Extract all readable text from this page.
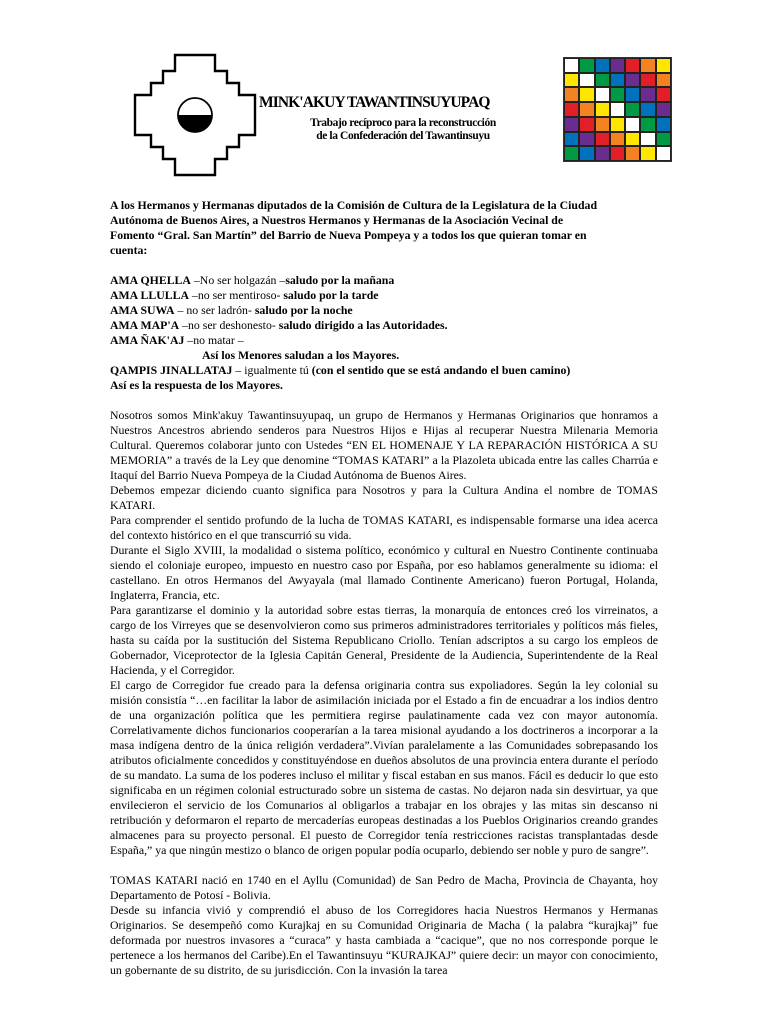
MINK'AKUY TAWANTINSUYUPAQ
Trabajo recíproco para la reconstrucción
de la Confederación del Tawantinsuyu
A los Hermanos y Hermanas diputados de la Comisión de Cultura de la Legislatura de la Ciudad
Autónoma de Buenos Aires, a Nuestros Hermanos y Hermanas de la Asociación Vecinal de
Fomento “Gral. San Martín” del Barrio de Nueva Pompeya y a todos los que quieran tomar en
cuenta:
AMA QHELLA –No ser holgazán –saludo por la mañana
AMA LLULLA –no ser mentiroso- saludo por la tarde
AMA SUWA – no ser ladrón- saludo por la noche
AMA MAP'A –no ser deshonesto- saludo dirigido a las Autoridades.
AMA ÑAK'AJ –no matar –
Así los Menores saludan a los Mayores.
QAMPIS JINALLATAJ – igualmente tú (con el sentido que se está andando el buen camino)
Así es la respuesta de los Mayores.

Nosotros somos Mink'akuy Tawantinsuyupaq, un grupo de Hermanos y Hermanas Originarios que honramos a Nuestros Ancestros abriendo senderos para Nuestros Hijos e Hijas al recuperar Nuestra Milenaria Memoria Cultural. Queremos colaborar junto con Ustedes “EN EL HOMENAJE Y LA REPARACIÓN HISTÓRICA A SU MEMORIA” a través de la Ley que denomine “TOMAS KATARI” a la Plazoleta ubicada entre las calles Charrúa e Itaquí del Barrio Nueva Pompeya de la Ciudad Autónoma de Buenos Aires.

Debemos empezar diciendo cuanto significa para Nosotros y para la Cultura Andina el nombre de TOMAS KATARI.

Para comprender el sentido profundo de la lucha de TOMAS KATARI, es indispensable formarse una idea acerca del contexto histórico en el que transcurrió su vida.

Durante el Siglo XVIII, la modalidad o sistema político, económico y cultural en Nuestro Continente continuaba siendo el coloniaje europeo, impuesto en nuestro caso por España, por eso hablamos generalmente su idioma: el castellano. En otros Hermanos del Awyayala (mal llamado Continente Americano) fueron Portugal, Holanda, Inglaterra, Francia, etc.

Para garantizarse el dominio y la autoridad sobre estas tierras, la monarquía de entonces creó los virreinatos, a cargo de los Virreyes que se desenvolvieron como sus primeros administradores territoriales y políticos más fieles, hasta su caída por la sustitución del Sistema Republicano Criollo. Tenían adscriptos a su cargo los empleos de Gobernador, Viceprotector de la Iglesia Capitán General, Presidente de la Audiencia, Superintendente de la Real Hacienda, y el Corregidor.

El cargo de Corregidor fue creado para la defensa originaria contra sus expoliadores. Según la ley colonial su misión consistía “…en facilitar la labor de asimilación iniciada por el Estado a fin de encuadrar a los indios dentro de una organización política que les permitiera regirse paulatinamente cada vez con mayor autonomía. Correlativamente dichos funcionarios cooperarían a la tarea misional ayudando a los doctrineros a incorporar a la masa indígena dentro de la única religión verdadera”.Vivían paralelamente a las Comunidades sobrepasando los atributos oficialmente concedidos y constituyéndose en dueños absolutos de una provincia entera durante el período de su mandato. La suma de los poderes incluso el militar y fiscal estaban en sus manos. Fácil es deducir lo que esto significaba en un régimen colonial estructurado sobre un sistema de castas. No dejaron nada sin desvirtuar, ya que envilecieron el servicio de los Comunarios al obligarlos a trabajar en los obrajes y las mitas sin descanso ni retribución y deformaron el reparto de mercaderías europeas destinadas a los Pueblos Originarios creando grandes almacenes para su proyecto personal. El puesto de Corregidor tenía restricciones racistas transplantadas desde España,” ya que ningún mestizo o blanco de origen popular podía ocuparlo, debiendo ser noble y puro de sangre”.

TOMAS KATARI nació en 1740 en el Ayllu (Comunidad) de San Pedro de Macha, Provincia de Chayanta, hoy Departamento de Potosí - Bolivia.

Desde su infancia vivió y comprendió el abuso de los Corregidores hacia Nuestros Hermanos y Hermanas Originarios. Se desempeñó como Kurajkaj en su Comunidad Originaria de Macha ( la palabra “kurajkaj” fue deformada por nuestros invasores a “curaca” y hasta cambiada a “cacique”, que no nos corresponde porque le pertenece a los hermanos del Caribe).En el Tawantinsuyu “KURAJKAJ” quiere decir: un mayor con conocimiento, un gobernante de su distrito, de su jurisdicción. Con la invasión la tarea
